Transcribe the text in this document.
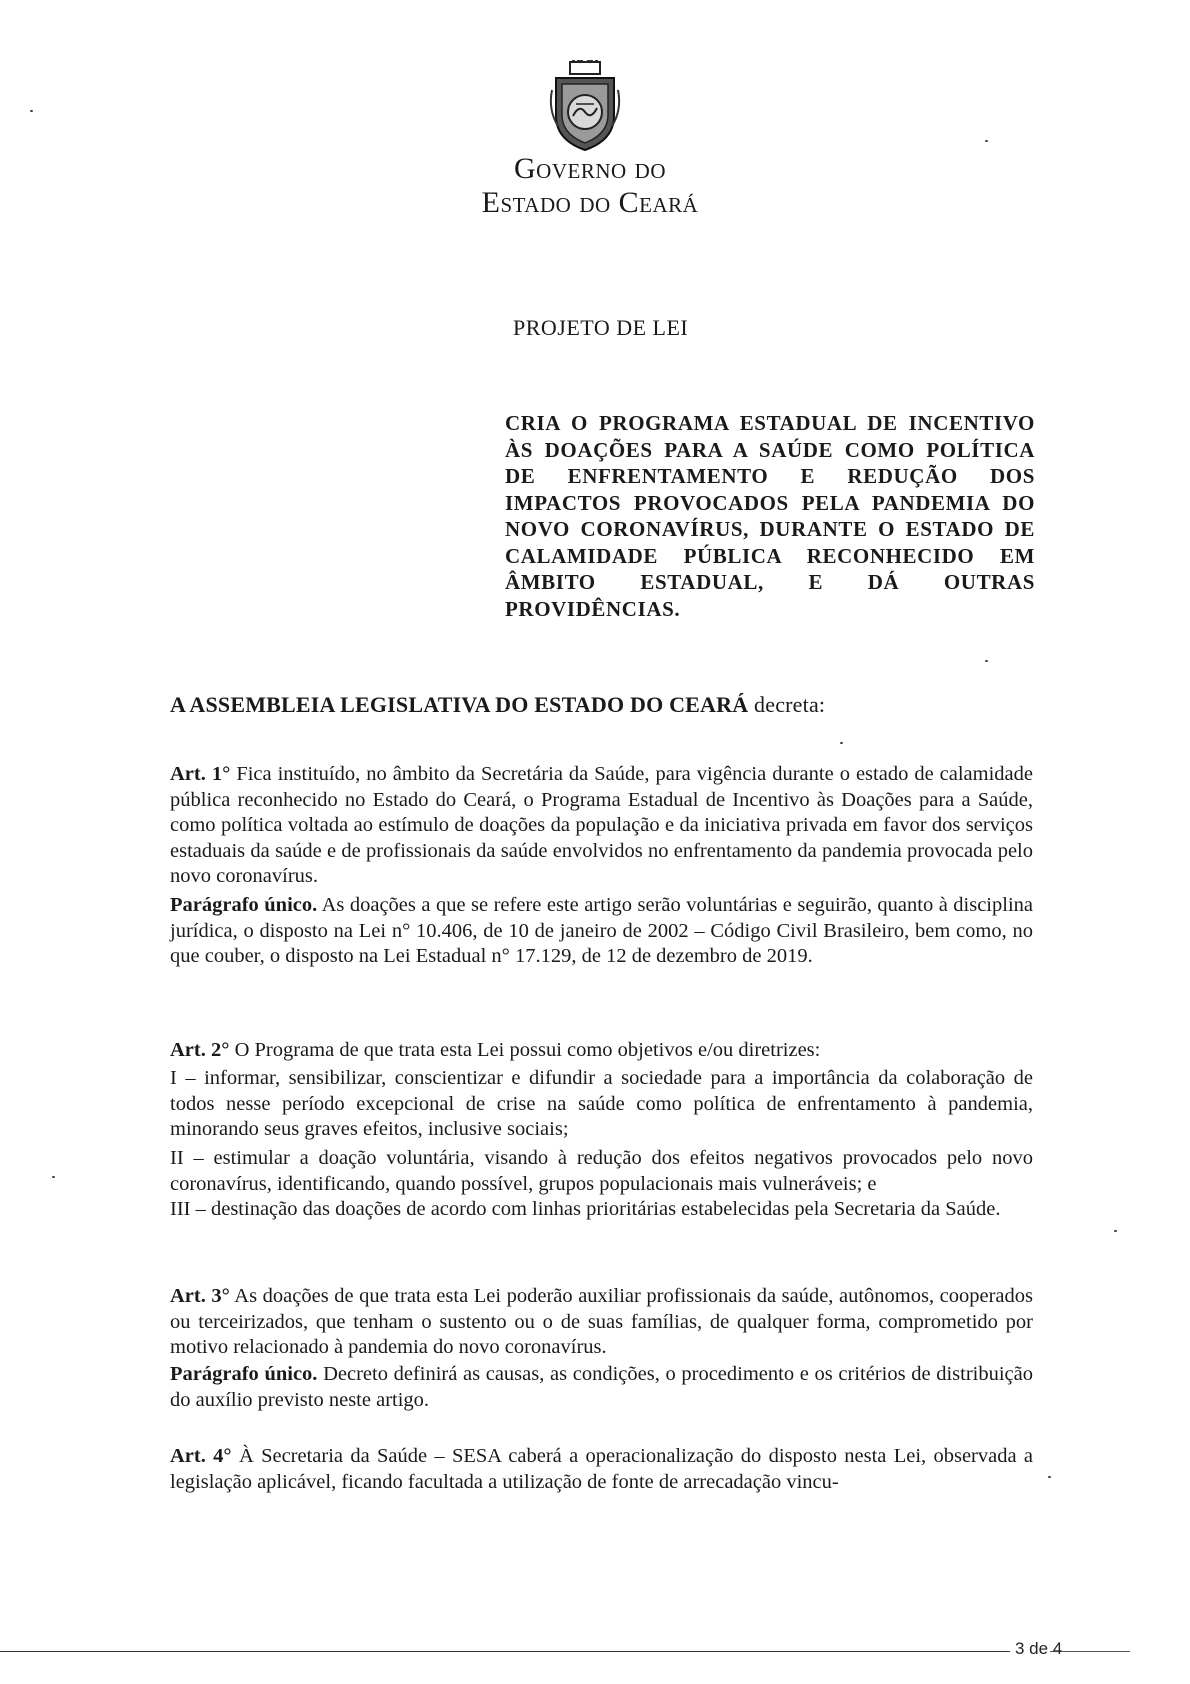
Governo do
Estado do Ceará
PROJETO DE LEI
CRIA O PROGRAMA ESTADUAL DE INCENTIVO ÀS DOAÇÕES PARA A SAÚDE COMO POLÍTICA DE ENFRENTAMENTO E REDUÇÃO DOS IMPACTOS PROVOCADOS PELA PANDEMIA DO NOVO CORONAVÍRUS, DURANTE O ESTADO DE CALAMIDADE PÚBLICA RECONHECIDO EM ÂMBITO ESTADUAL, E DÁ OUTRAS PROVIDÊNCIAS.
A ASSEMBLEIA LEGISLATIVA DO ESTADO DO CEARÁ decreta:
Art. 1° Fica instituído, no âmbito da Secretária da Saúde, para vigência durante o estado de calamidade pública reconhecido no Estado do Ceará, o Programa Estadual de Incentivo às Doações para a Saúde, como política voltada ao estímulo de doações da população e da iniciativa privada em favor dos serviços estaduais da saúde e de profissionais da saúde envolvidos no enfrentamento da pandemia provocada pelo novo coronavírus.
Parágrafo único. As doações a que se refere este artigo serão voluntárias e seguirão, quanto à disciplina jurídica, o disposto na Lei n° 10.406, de 10 de janeiro de 2002 – Código Civil Brasileiro, bem como, no que couber, o disposto na Lei Estadual n° 17.129, de 12 de dezembro de 2019.
Art. 2° O Programa de que trata esta Lei possui como objetivos e/ou diretrizes:
I – informar, sensibilizar, conscientizar e difundir a sociedade para a importância da colaboração de todos nesse período excepcional de crise na saúde como política de enfrentamento à pandemia, minorando seus graves efeitos, inclusive sociais;
II – estimular a doação voluntária, visando à redução dos efeitos negativos provocados pelo novo coronavírus, identificando, quando possível, grupos populacionais mais vulneráveis; e
III – destinação das doações de acordo com linhas prioritárias estabelecidas pela Secretaria da Saúde.
Art. 3° As doações de que trata esta Lei poderão auxiliar profissionais da saúde, autônomos, cooperados ou terceirizados, que tenham o sustento ou o de suas famílias, de qualquer forma, comprometido por motivo relacionado à pandemia do novo coronavírus.
Parágrafo único. Decreto definirá as causas, as condições, o procedimento e os critérios de distribuição do auxílio previsto neste artigo.
Art. 4° À Secretaria da Saúde – SESA caberá a operacionalização do disposto nesta Lei, observada a legislação aplicável, ficando facultada a utilização de fonte de arrecadação vincu-
3 de 4
